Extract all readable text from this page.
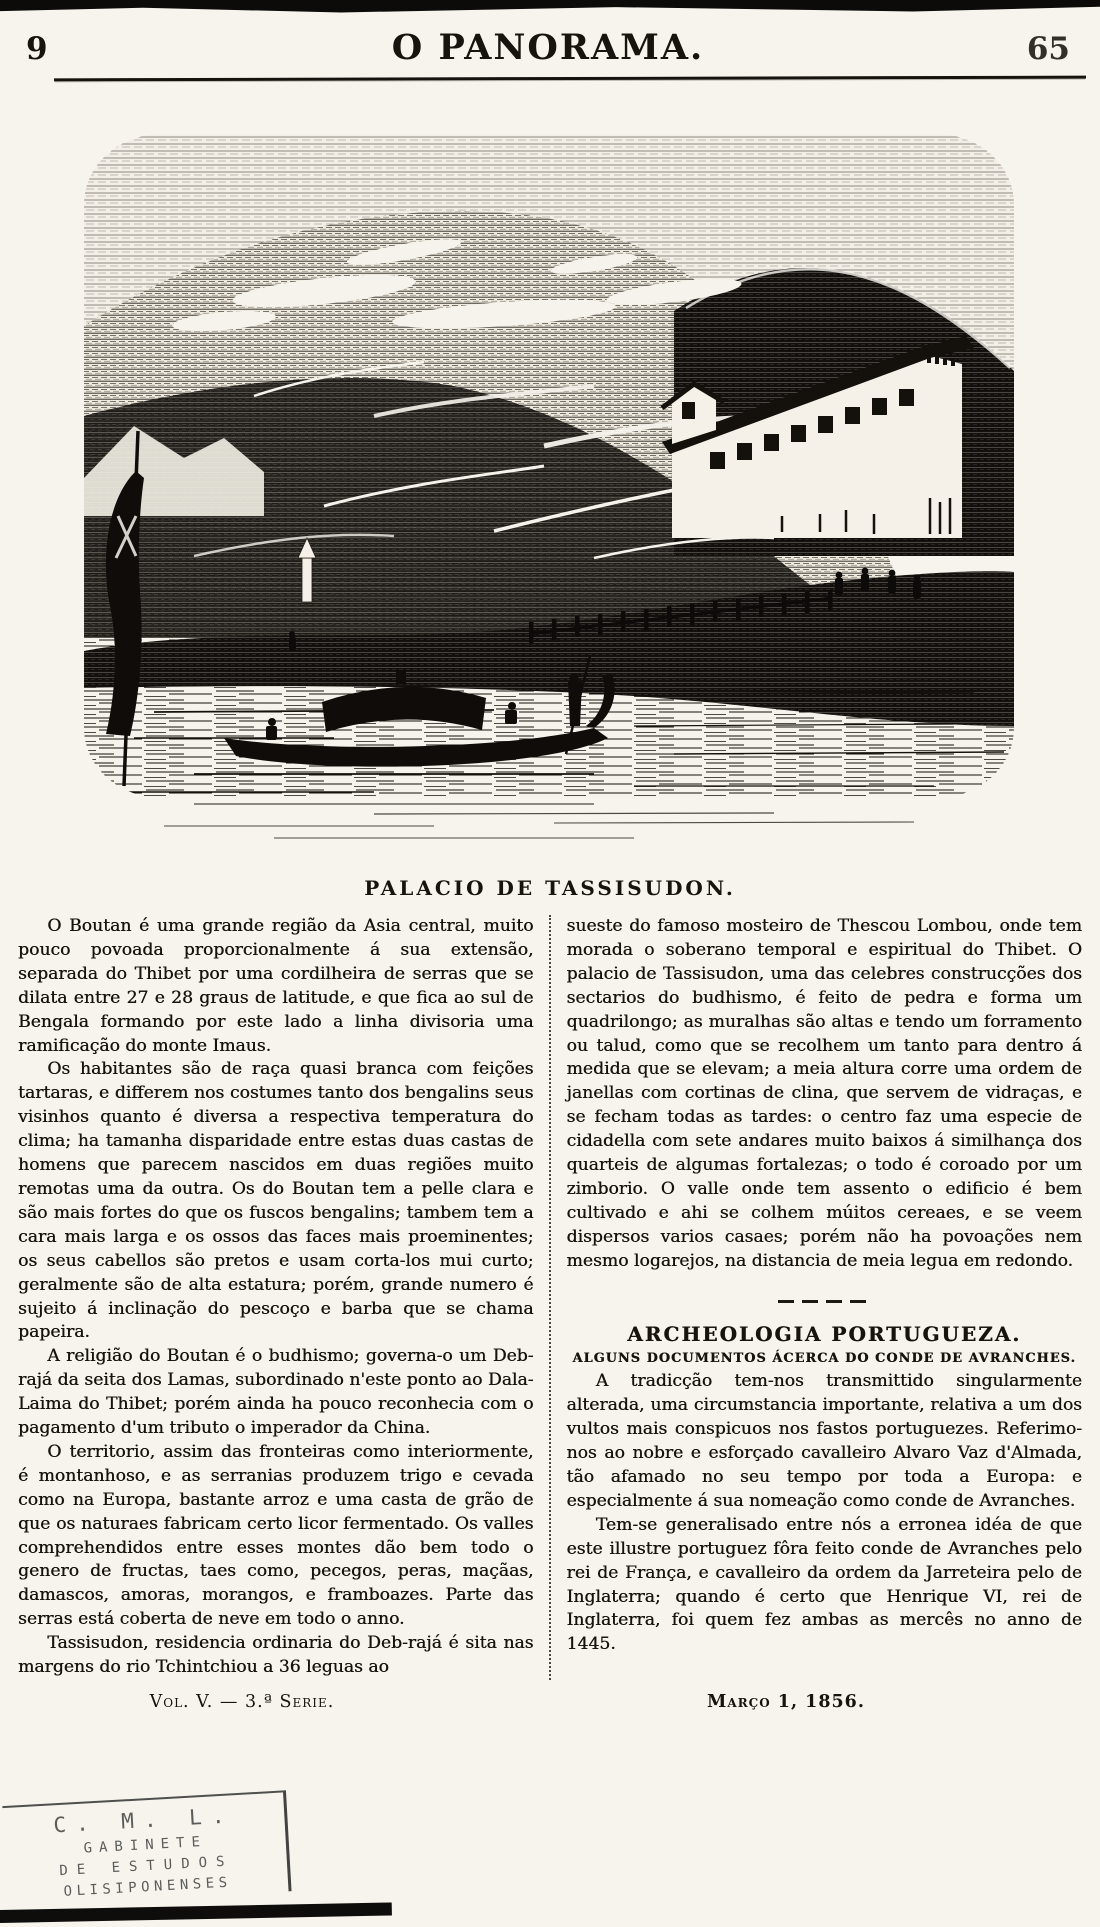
9	O PANORAMA.	65
PALACIO DE TASSISUDON.

O Boutan é uma grande região da Asia central, muito pouco povoada proporcionalmente á sua extensão, separada do Thibet por uma cordilheira de serras que se dilata entre 27 e 28 graus de latitude, e que fica ao sul de Bengala formando por este lado a linha divisoria uma ramificação do monte Imaus.

Os habitantes são de raça quasi branca com feições tartaras, e differem nos costumes tanto dos bengalins seus visinhos quanto é diversa a respectiva temperatura do clima; ha tamanha disparidade entre estas duas castas de homens que parecem nascidos em duas regiões muito remotas uma da outra. Os do Boutan tem a pelle clara e são mais fortes do que os fuscos bengalins; tambem tem a cara mais larga e os ossos das faces mais proeminentes; os seus cabellos são pretos e usam corta-los mui curto; geralmente são de alta estatura; porém, grande numero é sujeito á inclinação do pescoço e barba que se chama papeira.

A religião do Boutan é o budhismo; governa-o um Deb-rajá da seita dos Lamas, subordinado n'este ponto ao Dala-Laima do Thibet; porém ainda ha pouco reconhecia com o pagamento d'um tributo o imperador da China.

O territorio, assim das fronteiras como interiormente, é montanhoso, e as serranias produzem trigo e cevada como na Europa, bastante arroz e uma casta de grão de que os naturaes fabricam certo licor fermentado. Os valles comprehendidos entre esses montes dão bem todo o genero de fructas, taes como, pecegos, peras, maçãas, damascos, amoras, morangos, e framboazes. Parte das serras está coberta de neve em todo o anno.

Tassisudon, residencia ordinaria do Deb-rajá é sita nas margens do rio Tchintchiou a 36 leguas ao

sueste do famoso mosteiro de Thescou Lombou, onde tem morada o soberano temporal e espiritual do Thibet. O palacio de Tassisudon, uma das celebres construcções dos sectarios do budhismo, é feito de pedra e forma um quadrilongo; as muralhas são altas e tendo um forramento ou talud, como que se recolhem um tanto para dentro á medida que se elevam; a meia altura corre uma ordem de janellas com cortinas de clina, que servem de vidraças, e se fecham todas as tardes: o centro faz uma especie de cidadella com sete andares muito baixos á similhança dos quarteis de algumas fortalezas; o todo é coroado por um zimborio. O valle onde tem assento o edificio é bem cultivado e ahi se colhem múitos cereaes, e se veem dispersos varios casaes; porém não ha povoações nem mesmo logarejos, na distancia de meia legua em redondo.

ARCHEOLOGIA PORTUGUEZA.

ALGUNS DOCUMENTOS ÁCERCA DO CONDE DE AVRANCHES.

A tradicção tem-nos transmittido singularmente alterada, uma circumstancia importante, relativa a um dos vultos mais conspicuos nos fastos portuguezes. Referimo-nos ao nobre e esforçado cavalleiro Alvaro Vaz d'Almada, tão afamado no seu tempo por toda a Europa: e especialmente á sua nomeação como conde de Avranches.

Tem-se generalisado entre nós a erronea idéa de que este illustre portuguez fôra feito conde de Avranches pelo rei de França, e cavalleiro da ordem da Jarreteira pelo de Inglaterra; quando é certo que Henrique VI, rei de Inglaterra, foi quem fez ambas as mercês no anno de 1445.

Vol. V. — 3.ª Serie.	Março 1, 1856.
C. M. L.
GABINETE
DE ESTUDOS
OLISIPONENSES
